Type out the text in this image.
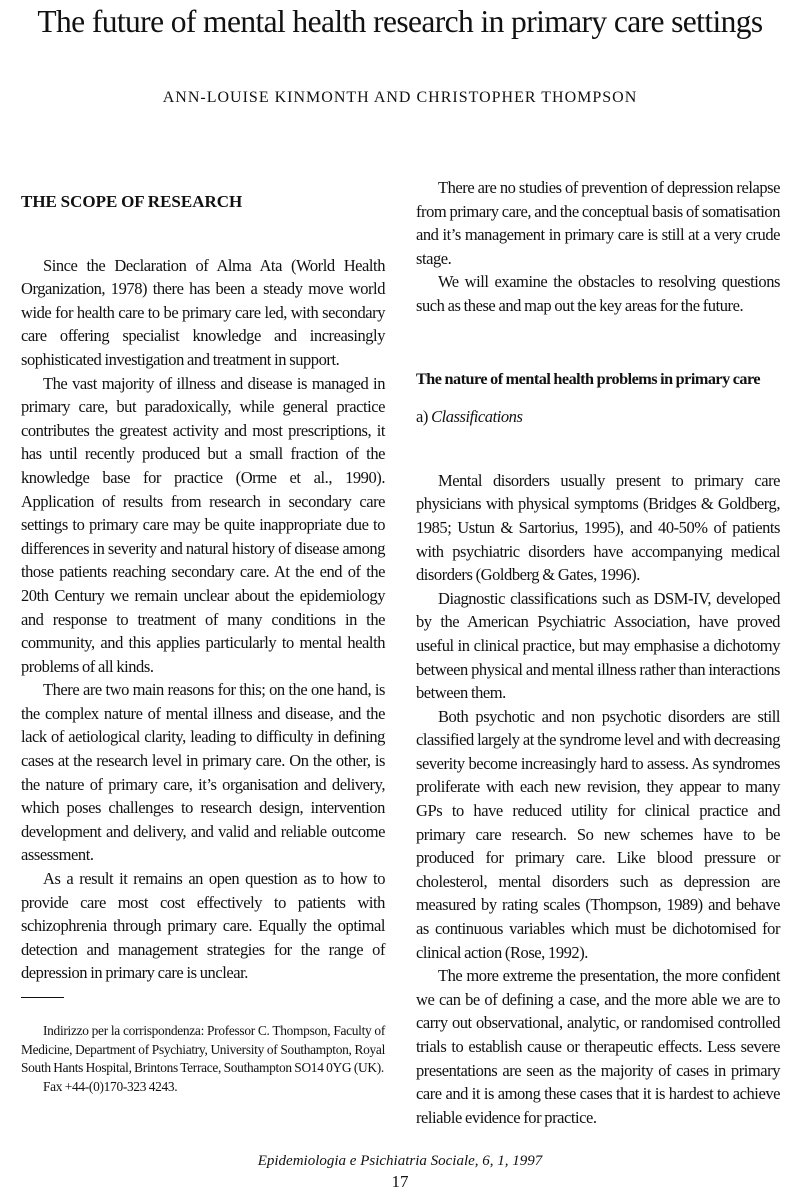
The future of mental health research in primary care settings
ANN-LOUISE KINMONTH AND CHRISTOPHER THOMPSON
THE SCOPE OF RESEARCH

Since the Declaration of Alma Ata (World Health Organization, 1978) there has been a steady move world wide for health care to be primary care led, with secondary care offering specialist knowledge and increasingly sophisticated investigation and treatment in support.

The vast majority of illness and disease is managed in primary care, but paradoxically, while general practice contributes the greatest activity and most prescriptions, it has until recently produced but a small fraction of the knowledge base for practice (Orme et al., 1990). Application of results from research in secondary care settings to primary care may be quite inappropriate due to differences in severity and natural history of disease among those patients reaching secondary care. At the end of the 20th Century we remain unclear about the epidemiology and response to treatment of many conditions in the community, and this applies particularly to mental health problems of all kinds.

There are two main reasons for this; on the one hand, is the complex nature of mental illness and disease, and the lack of aetiological clarity, leading to difficulty in defining cases at the research level in primary care. On the other, is the nature of primary care, it’s organisation and delivery, which poses challenges to research design, intervention development and delivery, and valid and reliable outcome assessment.

As a result it remains an open question as to how to provide care most cost effectively to patients with schizophrenia through primary care. Equally the optimal detection and management strategies for the range of depression in primary care is unclear.

Indirizzo per la corrispondenza: Professor C. Thompson, Faculty of Medicine, Department of Psychiatry, University of Southampton, Royal South Hants Hospital, Brintons Terrace, Southampton SO14 0YG (UK).

Fax +44-(0)170-323 4243.

There are no studies of prevention of depression relapse from primary care, and the conceptual basis of somatisation and it’s management in primary care is still at a very crude stage.

We will examine the obstacles to resolving questions such as these and map out the key areas for the future.

The nature of mental health problems in primary care
a) Classifications

Mental disorders usually present to primary care physicians with physical symptoms (Bridges & Goldberg, 1985; Ustun & Sartorius, 1995), and 40-50% of patients with psychiatric disorders have accompanying medical disorders (Goldberg & Gates, 1996).

Diagnostic classifications such as DSM-IV, developed by the American Psychiatric Association, have proved useful in clinical practice, but may emphasise a dichotomy between physical and mental illness rather than interactions between them.

Both psychotic and non psychotic disorders are still classified largely at the syndrome level and with decreasing severity become increasingly hard to assess. As syndromes proliferate with each new revision, they appear to many GPs to have reduced utility for clinical practice and primary care research. So new schemes have to be produced for primary care. Like blood pressure or cholesterol, mental disorders such as depression are measured by rating scales (Thompson, 1989) and behave as continuous variables which must be dichotomised for clinical action (Rose, 1992).

The more extreme the presentation, the more confident we can be of defining a case, and the more able we are to carry out observational, analytic, or randomised controlled trials to establish cause or therapeutic effects. Less severe presentations are seen as the majority of cases in primary care and it is among these cases that it is hardest to achieve reliable evidence for practice.

Epidemiologia e Psichiatria Sociale, 6, 1, 1997
17
